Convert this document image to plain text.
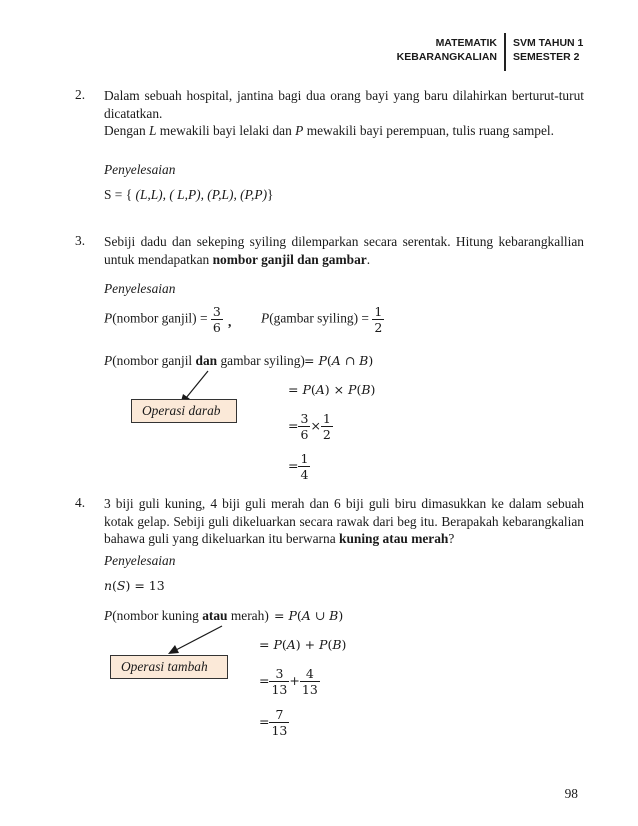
MATEMATIK
KEBARANGKALIAN
SVM TAHUN 1
SEMESTER 2
2. Dalam sebuah hospital, jantina bagi dua orang bayi yang baru dilahirkan berturut-turut dicatatkan.
Dengan L mewakili bayi lelaki dan P mewakili bayi perempuan, tulis ruang sampel.
Penyelesaian
S = { (L,L), ( L,P), (P,L), (P,P)}
3. Sebiji dadu dan sekeping syiling dilemparkan secara serentak. Hitung kebarangkallian untuk mendapatkan nombor ganjil dan gambar.
Penyelesaian
P(nombor ganjil) = $\frac{3}{6}$ , P(gambar syiling) = $\frac{1}{2}$
P(nombor ganjil dan gambar syiling) = 𝑃(𝐴 ∩ 𝐵)
= 𝑃(𝐴) × 𝑃(𝐵)
= $\frac{3}{6} \times \frac{1}{2}$
= $\frac{1}{4}$
Operasi darab
4. 3 biji guli kuning, 4 biji guli merah dan 6 biji guli biru dimasukkan ke dalam sebuah kotak gelap. Sebiji guli dikeluarkan secara rawak dari beg itu. Berapakah kebarangkalian bahawa guli yang dikeluarkan itu berwarna kuning atau merah?
Penyelesaian
𝑛(𝑆) = 13
P(nombor kuning atau merah) = 𝑃(𝐴 ∪ 𝐵)
= 𝑃(𝐴) + 𝑃(𝐵)
= $\frac{3}{13} + \frac{4}{13}$
= $\frac{7}{13}$
Operasi tambah
98
